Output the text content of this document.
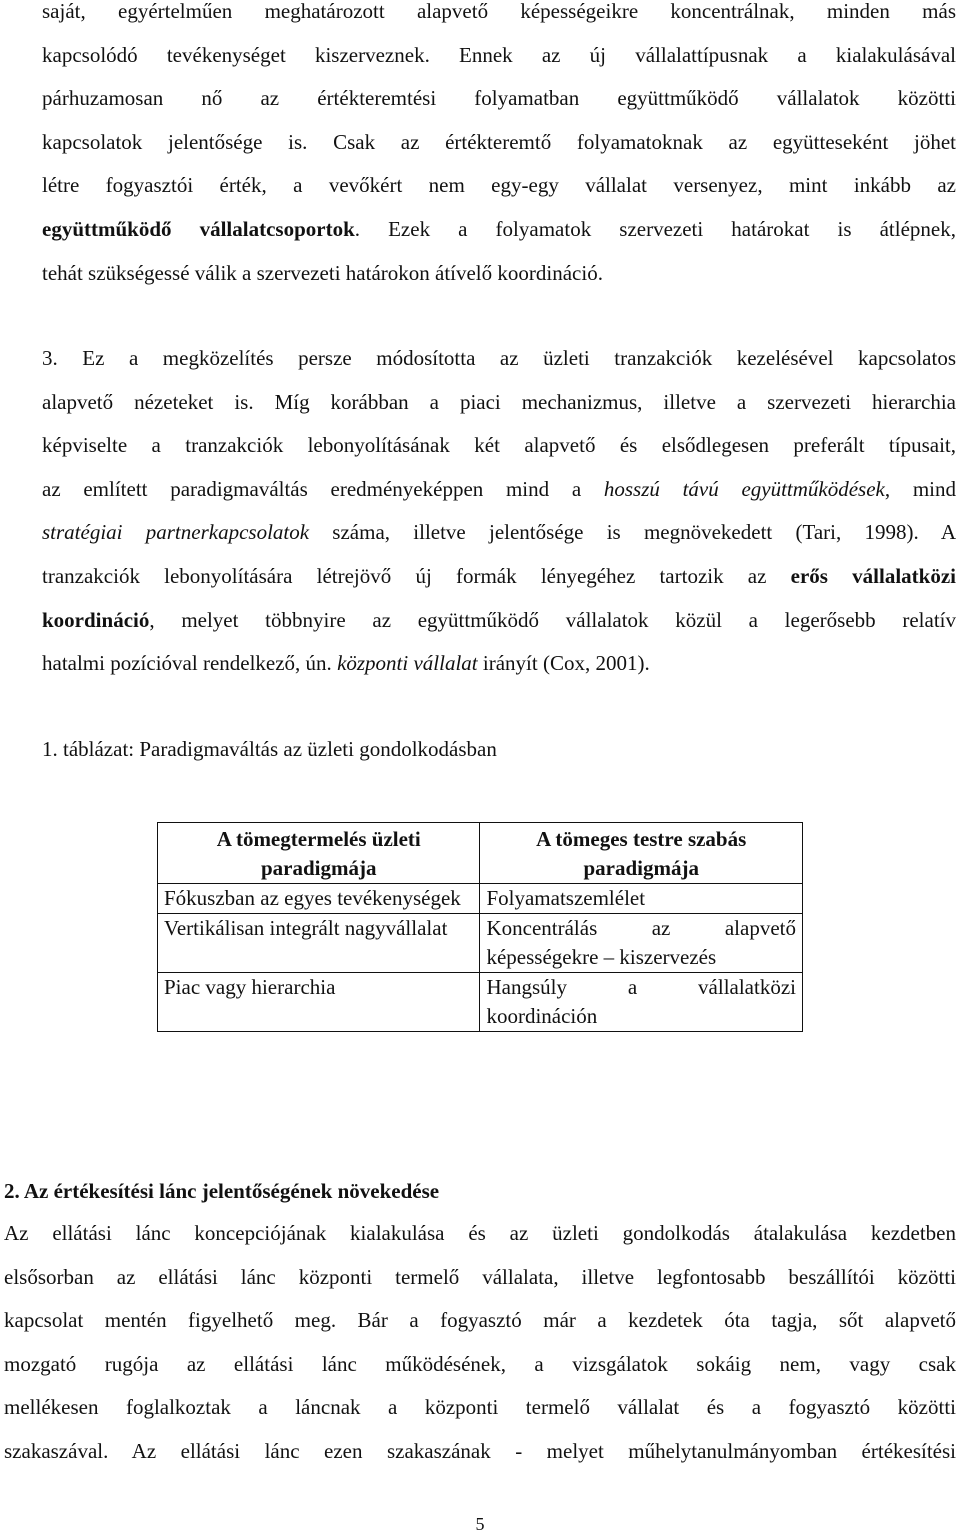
saját, egyértelműen meghatározott alapvető képességeikre koncentrálnak, minden más
kapcsolódó tevékenységet kiszerveznek. Ennek az új vállalattípusnak a kialakulásával
párhuzamosan nő az értékteremtési folyamatban együttműködő vállalatok közötti
kapcsolatok jelentősége is. Csak az értékteremtő folyamatoknak az együtteseként jöhet
létre fogyasztói érték, a vevőkért nem egy-egy vállalat versenyez, mint inkább az
együttműködő vállalatcsoportok. Ezek a folyamatok szervezeti határokat is átlépnek,
tehát szükségessé válik a szervezeti határokon átívelő koordináció.
3. Ez a megközelítés persze módosította az üzleti tranzakciók kezelésével kapcsolatos
alapvető nézeteket is. Míg korábban a piaci mechanizmus, illetve a szervezeti hierarchia
képviselte a tranzakciók lebonyolításának két alapvető és elsődlegesen preferált típusait,
az említett paradigmaváltás eredményeképpen mind a hosszú távú együttműködések, mind
stratégiai partnerkapcsolatok száma, illetve jelentősége is megnövekedett (Tari, 1998). A
tranzakciók lebonyolítására létrejövő új formák lényegéhez tartozik az erős vállalatközi
koordináció, melyet többnyire az együttműködő vállalatok közül a legerősebb relatív
hatalmi pozícióval rendelkező, ún. központi vállalat irányít (Cox, 2001).
1. táblázat: Paradigmaváltás az üzleti gondolkodásban
A tömegtermelés üzleti paradigmája	A tömeges testre szabás paradigmája
Fókuszban az egyes tevékenységek	Folyamatszemlélet
Vertikálisan integrált nagyvállalat	Koncentrálás az alapvető képességekre – kiszervezés
Piac vagy hierarchia	Hangsúly a vállalatközi koordináción
2. Az értékesítési lánc jelentőségének növekedése
Az ellátási lánc koncepciójának kialakulása és az üzleti gondolkodás átalakulása kezdetben
elsősorban az ellátási lánc központi termelő vállalata, illetve legfontosabb beszállítói közötti
kapcsolat mentén figyelhető meg. Bár a fogyasztó már a kezdetek óta tagja, sőt alapvető
mozgató rugója az ellátási lánc működésének, a vizsgálatok sokáig nem, vagy csak
mellékesen foglalkoztak a láncnak a központi termelő vállalat és a fogyasztó közötti
szakaszával. Az ellátási lánc ezen szakaszának - melyet műhelytanulmányomban értékesítési
5
